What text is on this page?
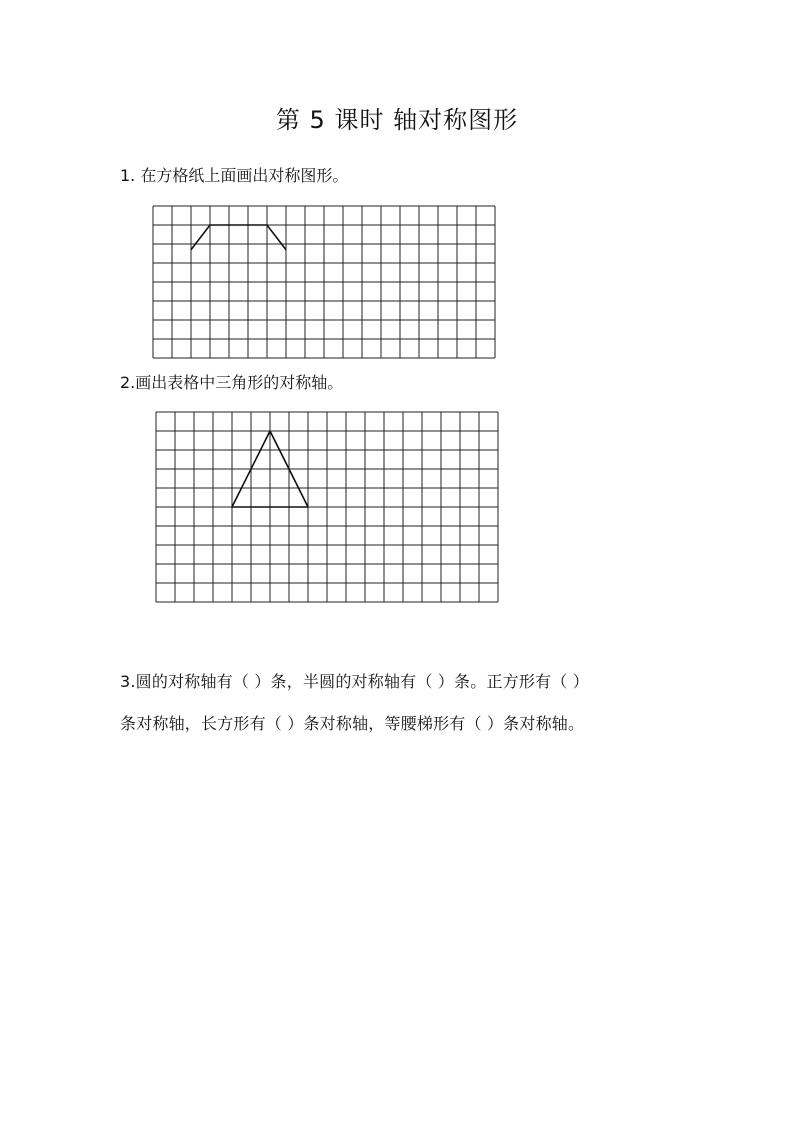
第 5 课时 轴对称图形
1. 在方格纸上面画出对称图形。
2.画出表格中三角形的对称轴。
3.圆的对称轴有（ ）条，半圆的对称轴有（ ）条。正方形有（ ）
条对称轴，长方形有（ ）条对称轴，等腰梯形有（ ）条对称轴。
